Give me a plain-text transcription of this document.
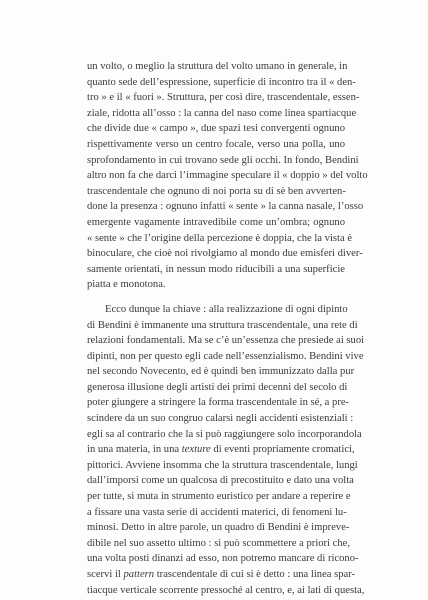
un volto, o meglio la struttura del volto umano in generale, in
quanto sede dell’espressione, superficie di incontro tra il « den-
tro » e il « fuori ». Struttura, per così dire, trascendentale, essen-
ziale, ridotta all’osso : la canna del naso come linea spartiacque
che divide due « campo », due spazi tesi convergenti ognuno
rispettivamente verso un centro focale, verso una polla, uno
sprofondamento in cui trovano sede gli occhi. In fondo, Bendini
altro non fa che darci l’immagine speculare il « doppio » del volto
trascendentale che ognuno di noi porta su di sè ben avverten-
done la presenza : ognuno infatti « sente » la canna nasale, l’osso
emergente vagamente intravedibile come un’ombra; ognuno
« sente » che l’origine della percezione è doppia, che la vista è
binoculare, che cioè noi rivolgiamo al mondo due emisferi diver-
samente orientati, in nessun modo riducibili a una superficie
piatta e monotona.
Ecco dunque la chiave : alla realizzazione di ogni dipinto
di Bendini è immanente una struttura trascendentale, una rete di
relazioni fondamentali. Ma se c’è un’essenza che presiede ai suoi
dipinti, non per questo egli cade nell’essenzialismo. Bendini vive
nel secondo Novecento, ed è quindi ben immunizzato dalla pur
generosa illusione degli artisti dei primi decenni del secolo di
poter giungere a stringere la forma trascendentale in sé, a pre-
scindere da un suo congruo calarsi negli accidenti esistenziali :
egli sa al contrario che la si può raggiungere solo incorporandola
in una materia, in una texture di eventi propriamente cromatici,
pittorici. Avviene insomma che la struttura trascendentale, lungi
dall’imporsi come un qualcosa di precostituito e dato una volta
per tutte, si muta in strumento euristico per andare a reperire e
a fissare una vasta serie di accidenti materici, di fenomeni lu-
minosi. Detto in altre parole, un quadro di Bendini è impreve-
dibile nel suo assetto ultimo : si può scommettere a priori che,
una volta posti dinanzi ad esso, non potremo mancare di ricono-
scervi il pattern trascendentale di cui si è detto : una linea spar-
tiacque verticale scorrente pressoché al centro, e, ai lati di questa,
